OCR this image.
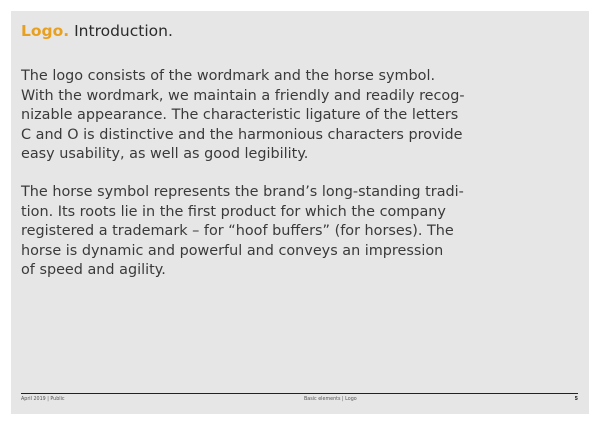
Logo. Introduction.

The logo consists of the wordmark and the horse symbol.
With the wordmark, we maintain a friendly and readily recog-
nizable appearance. The characteristic ligature of the letters
C and O is distinctive and the harmonious characters provide
easy usability, as well as good legibility.

The horse symbol represents the brand’s long-standing tradi-
tion. Its roots lie in the first product for which the company
registered a trademark – for “hoof buffers” (for horses). The
horse is dynamic and powerful and conveys an impression
of speed and agility.

April 2019 | Public	Basic elements | Logo	5
